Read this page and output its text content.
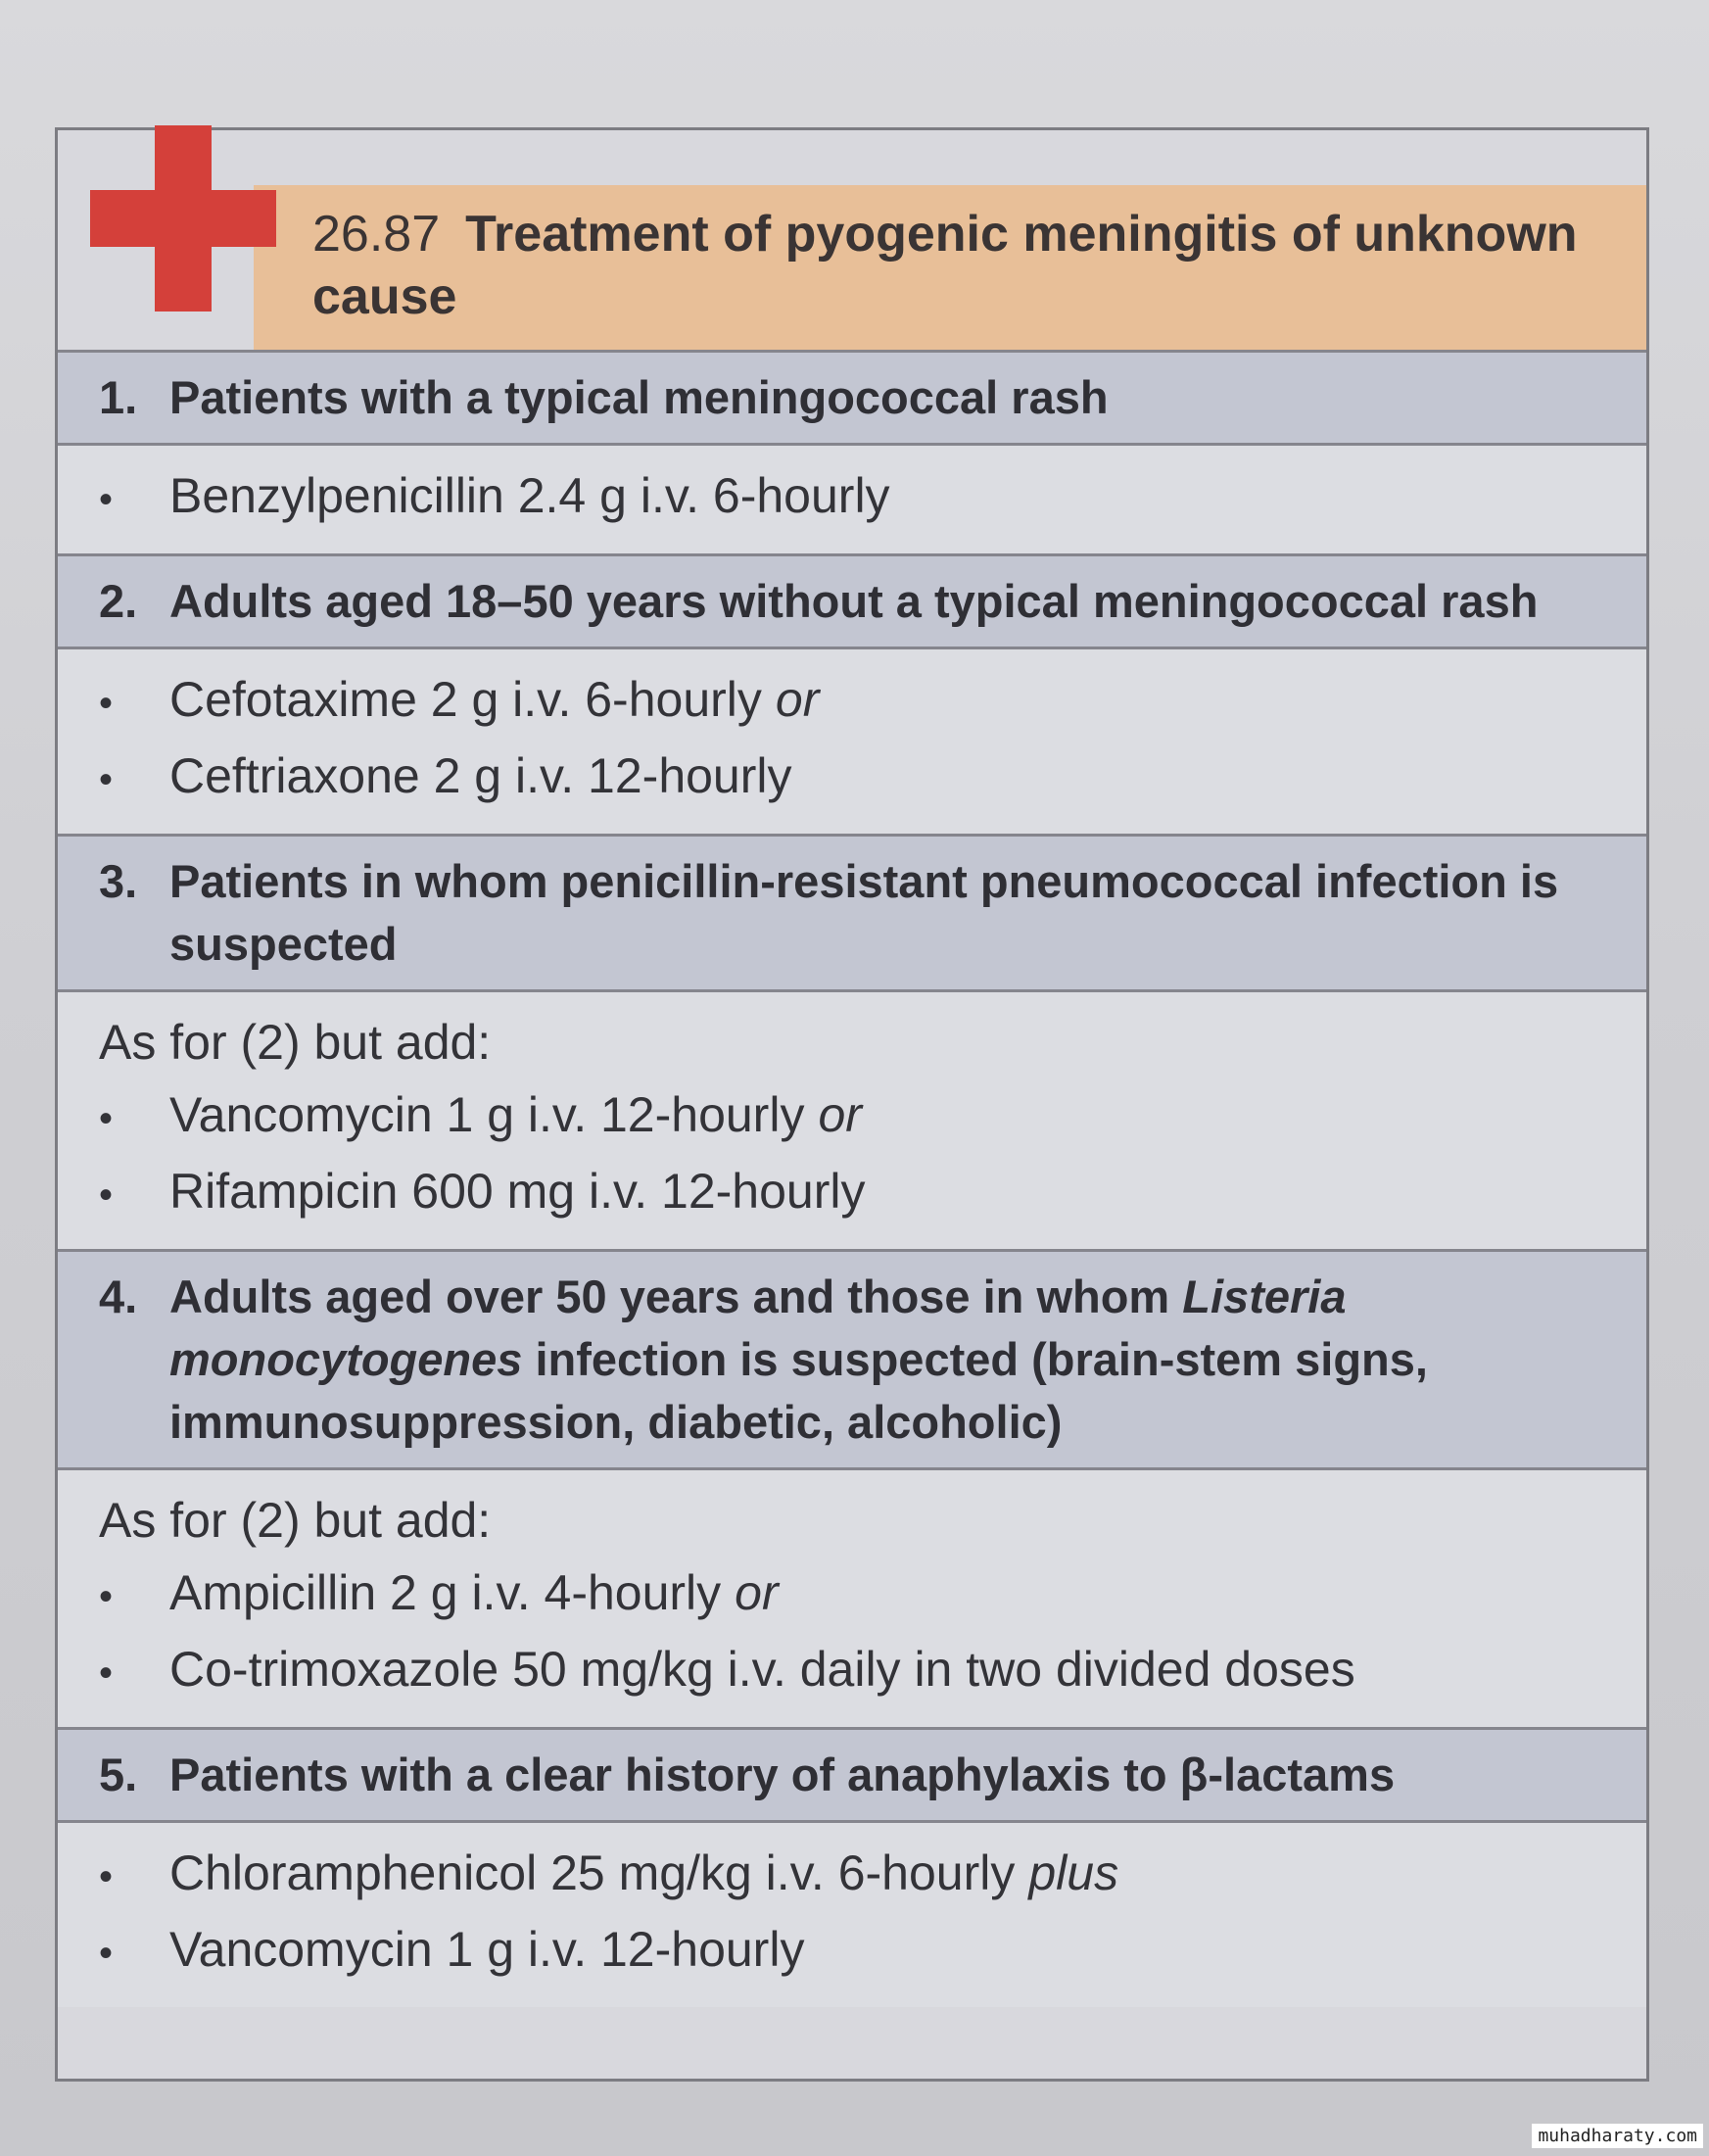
26.87 Treatment of pyogenic meningitis of unknown cause
1. Patients with a typical meningococcal rash
•	Benzylpenicillin 2.4 g i.v. 6-hourly
2. Adults aged 18–50 years without a typical meningococcal rash
•	Cefotaxime 2 g i.v. 6-hourly or
•	Ceftriaxone 2 g i.v. 12-hourly
3. Patients in whom penicillin-resistant pneumococcal infection is suspected
As for (2) but add:
•	Vancomycin 1 g i.v. 12-hourly or
•	Rifampicin 600 mg i.v. 12-hourly
4. Adults aged over 50 years and those in whom Listeria monocytogenes infection is suspected (brain-stem signs, immunosuppression, diabetic, alcoholic)
As for (2) but add:
•	Ampicillin 2 g i.v. 4-hourly or
•	Co-trimoxazole 50 mg/kg i.v. daily in two divided doses
5. Patients with a clear history of anaphylaxis to β-lactams
•	Chloramphenicol 25 mg/kg i.v. 6-hourly plus
•	Vancomycin 1 g i.v. 12-hourly
muhadharaty.com
